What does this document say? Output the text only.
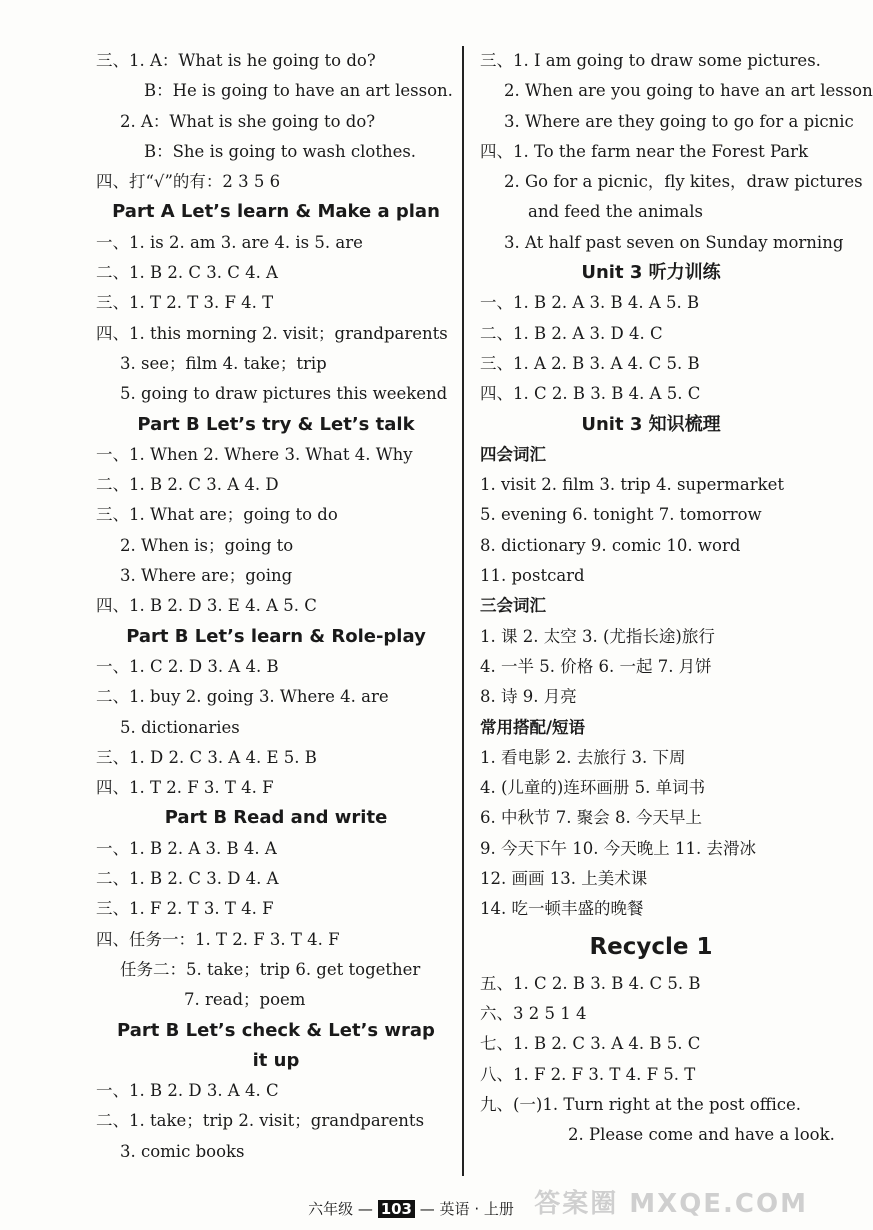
三、1. A：What is he going to do?
B：He is going to have an art lesson.
2. A：What is she going to do?
B：She is going to wash clothes.
四、打“√”的有：2 3 5 6
Part A Let’s learn & Make a plan
一、1. is 2. am 3. are 4. is 5. are
二、1. B 2. C 3. C 4. A
三、1. T 2. T 3. F 4. T
四、1. this morning 2. visit；grandparents
3. see；film 4. take；trip
5. going to draw pictures this weekend
Part B Let’s try & Let’s talk
一、1. When 2. Where 3. What 4. Why
二、1. B 2. C 3. A 4. D
三、1. What are；going to do
2. When is；going to
3. Where are；going
四、1. B 2. D 3. E 4. A 5. C
Part B Let’s learn & Role-play
一、1. C 2. D 3. A 4. B
二、1. buy 2. going 3. Where 4. are
5. dictionaries
三、1. D 2. C 3. A 4. E 5. B
四、1. T 2. F 3. T 4. F
Part B Read and write
一、1. B 2. A 3. B 4. A
二、1. B 2. C 3. D 4. A
三、1. F 2. T 3. T 4. F
四、任务一：1. T 2. F 3. T 4. F
任务二：5. take；trip 6. get together
7. read；poem
Part B Let’s check & Let’s wrap
it up
一、1. B 2. D 3. A 4. C
二、1. take；trip 2. visit；grandparents
3. comic books
三、1. I am going to draw some pictures.
2. When are you going to have an art lesson
3. Where are they going to go for a picnic
四、1. To the farm near the Forest Park
2. Go for a picnic，fly kites，draw pictures
and feed the animals
3. At half past seven on Sunday morning
Unit 3 听力训练
一、1. B 2. A 3. B 4. A 5. B
二、1. B 2. A 3. D 4. C
三、1. A 2. B 3. A 4. C 5. B
四、1. C 2. B 3. B 4. A 5. C
Unit 3 知识梳理
四会词汇
1. visit 2. film 3. trip 4. supermarket
5. evening 6. tonight 7. tomorrow
8. dictionary 9. comic 10. word
11. postcard
三会词汇
1. 课 2. 太空 3. (尤指长途)旅行
4. 一半 5. 价格 6. 一起 7. 月饼
8. 诗 9. 月亮
常用搭配/短语
1. 看电影 2. 去旅行 3. 下周
4. (儿童的)连环画册 5. 单词书
6. 中秋节 7. 聚会 8. 今天早上
9. 今天下午 10. 今天晚上 11. 去滑冰
12. 画画 13. 上美术课
14. 吃一顿丰盛的晚餐
Recycle 1
五、1. C 2. B 3. B 4. C 5. B
六、3 2 5 1 4
七、1. B 2. C 3. A 4. B 5. C
八、1. F 2. F 3. T 4. F 5. T
九、(一)1. Turn right at the post office.
2. Please come and have a look.
六年级 — 103 — 英语 · 上册 答案圈 MXQE.COM
